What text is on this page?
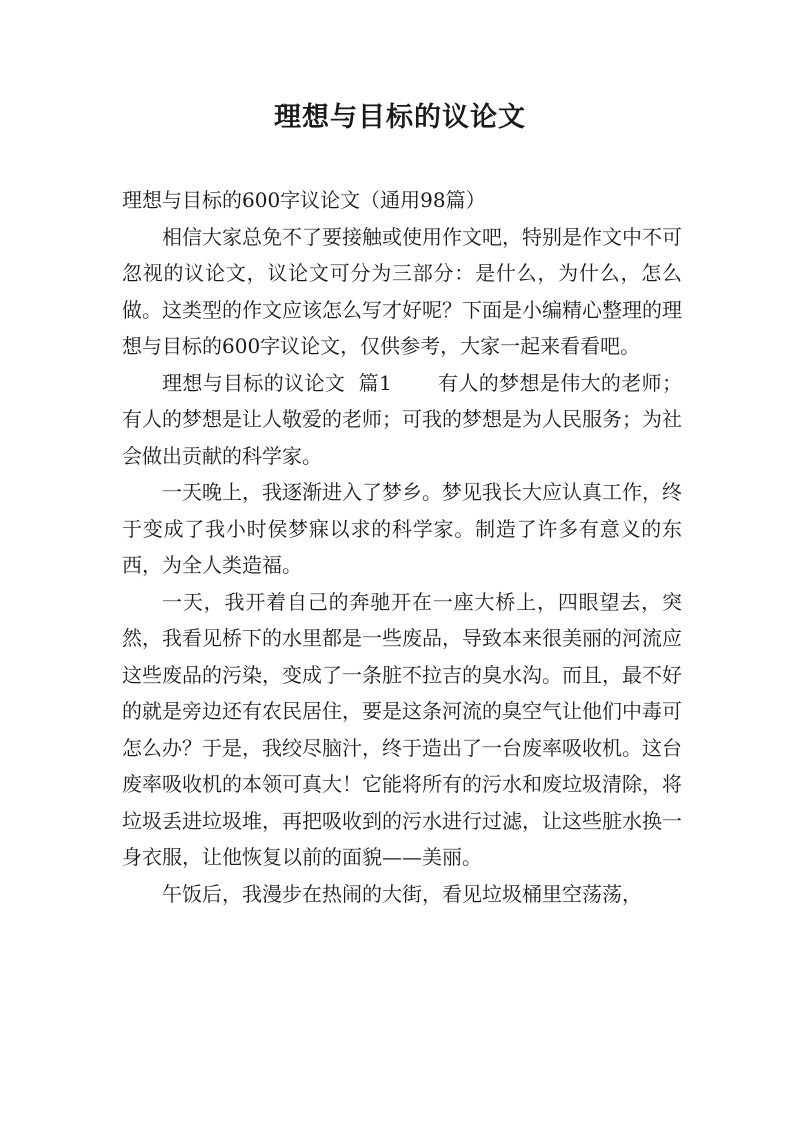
理想与目标的议论文

理想与目标的600字议论文（通用98篇）

相信大家总免不了要接触或使用作文吧，特别是作文中不可忽视的议论文，议论文可分为三部分：是什么，为什么，怎么做。这类型的作文应该怎么写才好呢？下面是小编精心整理的理想与目标的600字议论文，仅供参考，大家一起来看看吧。

理想与目标的议论文  篇1 有人的梦想是伟大的老师；有人的梦想是让人敬爱的老师；可我的梦想是为人民服务；为社会做出贡献的科学家。

一天晚上，我逐渐进入了梦乡。梦见我长大应认真工作，终于变成了我小时侯梦寐以求的科学家。制造了许多有意义的东西，为全人类造福。

一天，我开着自己的奔驰开在一座大桥上，四眼望去，突然，我看见桥下的水里都是一些废品，导致本来很美丽的河流应这些废品的污染，变成了一条脏不拉吉的臭水沟。而且，最不好的就是旁边还有农民居住，要是这条河流的臭空气让他们中毒可怎么办？于是，我绞尽脑汁，终于造出了一台废率吸收机。这台废率吸收机的本领可真大！它能将所有的污水和废垃圾清除，将垃圾丢进垃圾堆，再把吸收到的污水进行过滤，让这些脏水换一身衣服，让他恢复以前的面貌——美丽。

午饭后，我漫步在热闹的大街，看见垃圾桶里空荡荡，
